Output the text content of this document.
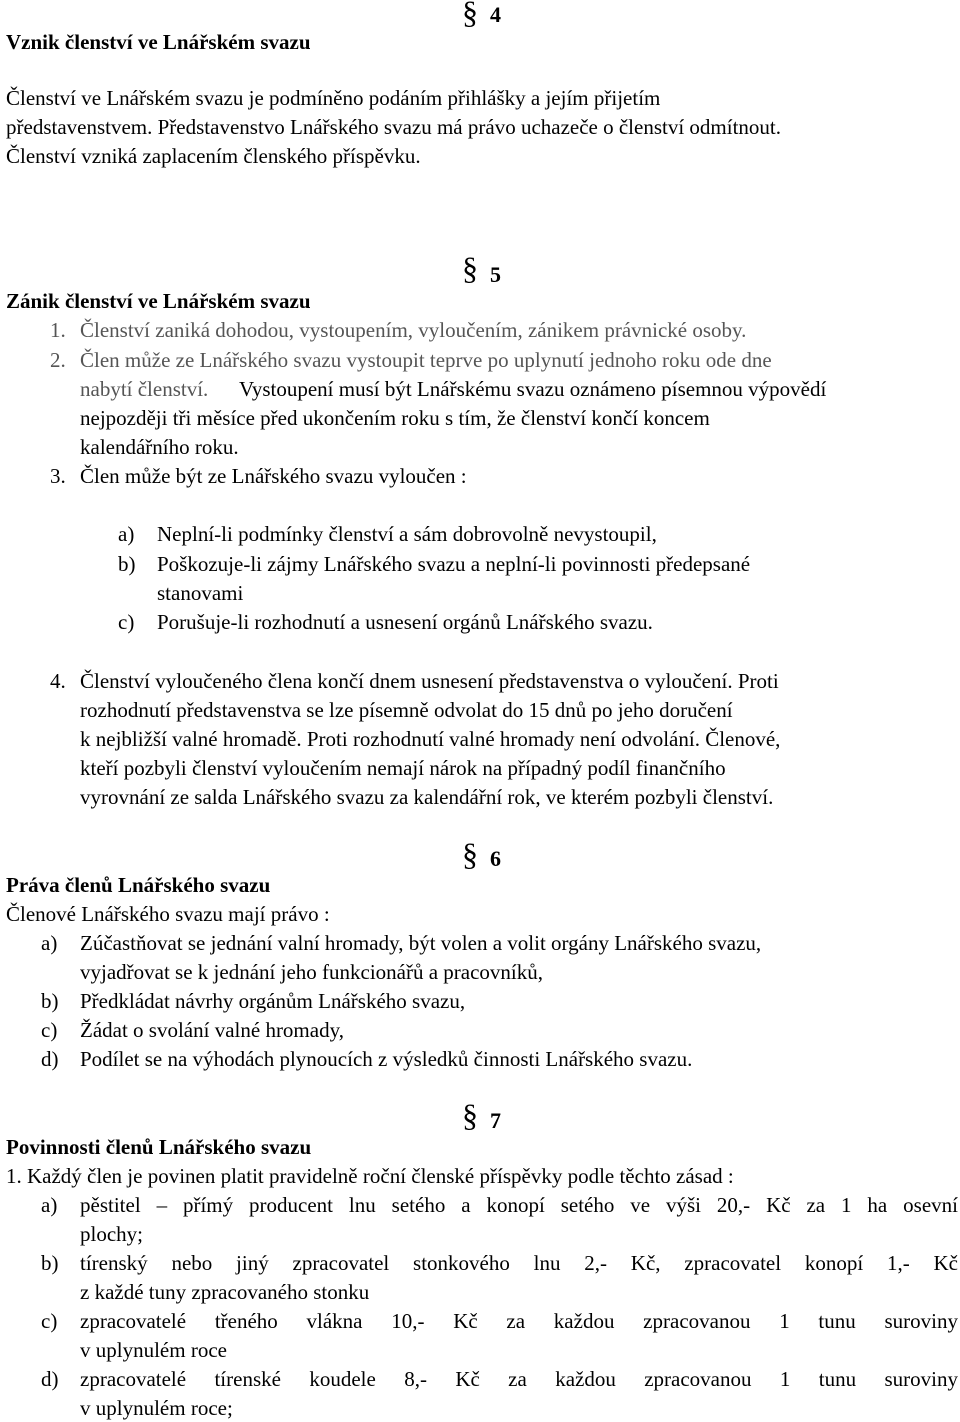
§ 4
Vznik členství ve Lnářském svazu
Členství ve Lnářském svazu je podmíněno podáním přihlášky a jejím přijetím
představenstvem. Představenstvo Lnářského svazu má právo uchazeče o členství odmítnout.
Členství vzniká zaplacením členského příspěvku.
§ 5
Zánik členství ve Lnářském svazu
1. Členství zaniká dohodou, vystoupením, vyloučením, zánikem právnické osoby.
2. Člen může ze Lnářského svazu vystoupit teprve po uplynutí jednoho roku ode dne
nabytí členství. Vystoupení musí být Lnářskému svazu oznámeno písemnou výpovědí
nejpozději tři měsíce před ukončením roku s tím, že členství končí koncem
kalendářního roku.
3. Člen může být ze Lnářského svazu vyloučen :
a) Neplní-li podmínky členství a sám dobrovolně nevystoupil,
b) Poškozuje-li zájmy Lnářského svazu a neplní-li povinnosti předepsané
stanovami
c) Porušuje-li rozhodnutí a usnesení orgánů Lnářského svazu.
4. Členství vyloučeného člena končí dnem usnesení představenstva o vyloučení. Proti
rozhodnutí představenstva se lze písemně odvolat do 15 dnů po jeho doručení
k nejbližší valné hromadě. Proti rozhodnutí valné hromady není odvolání. Členové,
kteří pozbyli členství vyloučením nemají nárok na případný podíl finančního
vyrovnání ze salda Lnářského svazu za kalendářní rok, ve kterém pozbyli členství.
§ 6
Práva členů Lnářského svazu
Členové Lnářského svazu mají právo :
a) Zúčastňovat se jednání valní hromady, být volen a volit orgány Lnářského svazu,
vyjadřovat se k jednání jeho funkcionářů a pracovníků,
b) Předkládat návrhy orgánům Lnářského svazu,
c) Žádat o svolání valné hromady,
d) Podílet se na výhodách plynoucích z výsledků činnosti Lnářského svazu.
§ 7
Povinnosti členů Lnářského svazu
1. Každý člen je povinen platit pravidelně roční členské příspěvky podle těchto zásad :
a) pěstitel – přímý producent lnu setého a konopí setého ve výši 20,- Kč za 1 ha osevní
plochy;
b) tírenský nebo jiný zpracovatel stonkového lnu 2,- Kč, zpracovatel konopí 1,- Kč
z každé tuny zpracovaného stonku
c) zpracovatelé třeného vlákna 10,- Kč za každou zpracovanou 1 tunu suroviny
v uplynulém roce
d) zpracovatelé tírenské koudele 8,- Kč za každou zpracovanou 1 tunu suroviny
v uplynulém roce;
